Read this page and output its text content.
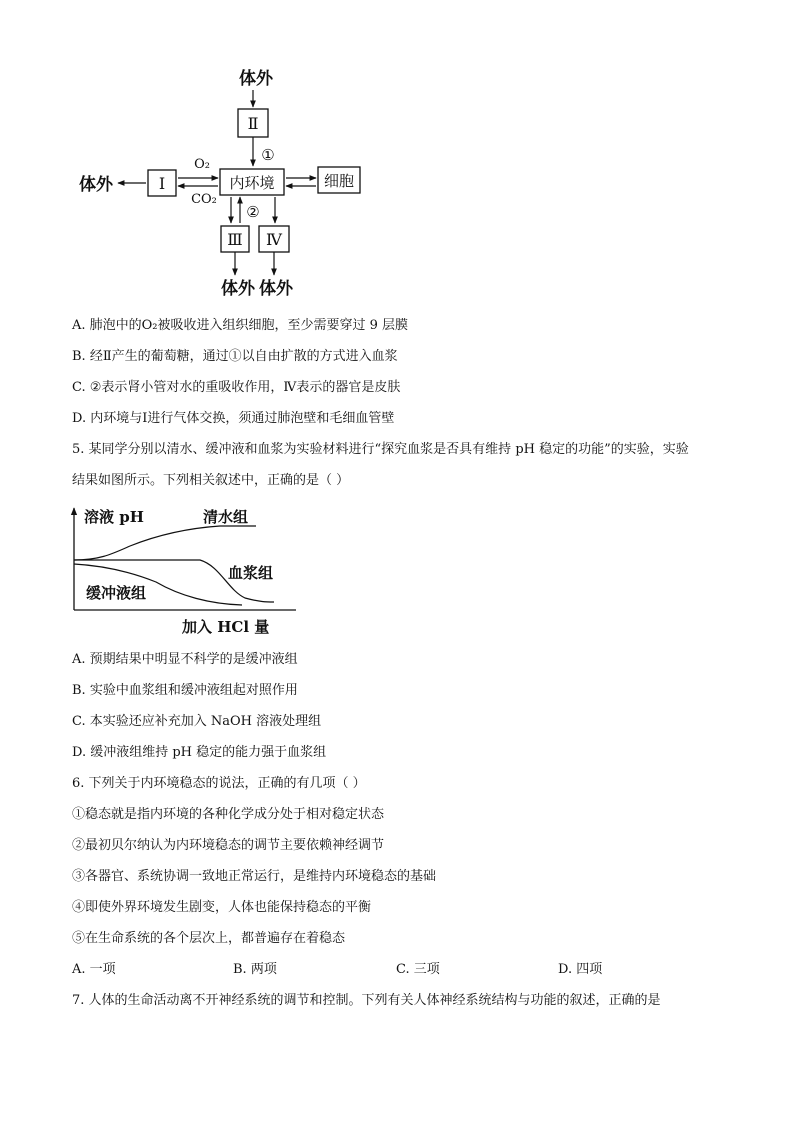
体外
Ⅱ
①
内环境	细胞
Ⅰ
O₂
CO₂
体外
②
Ⅲ Ⅳ
体外 体外
A. 肺泡中的O₂被吸收进入组织细胞，至少需要穿过 9 层膜
B. 经Ⅱ产生的葡萄糖，通过①以自由扩散的方式进入血浆
C. ②表示肾小管对水的重吸收作用，Ⅳ表示的器官是皮肤
D. 内环境与Ⅰ进行气体交换，须通过肺泡壁和毛细血管壁
5. 某同学分别以清水、缓冲液和血浆为实验材料进行“探究血浆是否具有维持 pH 稳定的功能”的实验，实验
结果如图所示。下列相关叙述中，正确的是（ ）
溶液 pH
加入 HCl 量
清水组
血浆组
缓冲液组
A. 预期结果中明显不科学的是缓冲液组
B. 实验中血浆组和缓冲液组起对照作用
C. 本实验还应补充加入 NaOH 溶液处理组
D. 缓冲液组维持 pH 稳定的能力强于血浆组
6. 下列关于内环境稳态的说法，正确的有几项（ ）
①稳态就是指内环境的各种化学成分处于相对稳定状态
②最初贝尔纳认为内环境稳态的调节主要依赖神经调节
③各器官、系统协调一致地正常运行，是维持内环境稳态的基础
④即使外界环境发生剧变，人体也能保持稳态的平衡
⑤在生命系统的各个层次上，都普遍存在着稳态
A. 一项	B. 两项	C. 三项	D. 四项
7. 人体的生命活动离不开神经系统的调节和控制。下列有关人体神经系统结构与功能的叙述，正确的是
